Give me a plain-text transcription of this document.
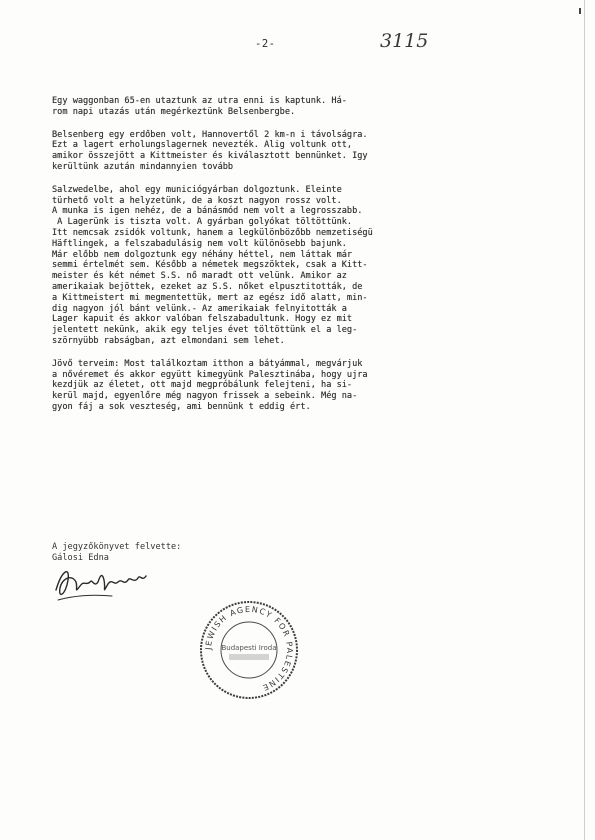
-2-	3115

Egy waggonban 65-en utaztunk az utra enni is kaptunk. Há-
rom napi utazás után megérkeztünk Belsenbergbe.

Belsenberg egy erdőben volt, Hannovertől 2 km-n i távolságra.
Ezt a lagert erholungslagernek nevezték. Alig voltunk ott,
amikor összejött a Kittmeister és kiválasztott bennünket. Igy
kerültünk azután mindannyien tovább

Salzwedelbe, ahol egy municiógyárban dolgoztunk. Eleinte
türhető volt a helyzetünk, de a koszt nagyon rossz volt.
A munka is igen nehéz, de a bánásmód nem volt a legrosszabb.
A Lagerünk is tiszta volt. A gyárban golyókat töltöttünk.
Itt nemcsak zsidók voltunk, hanem a legkülönbözőbb nemzetiségü
Häftlingek, a felszabadulásig nem volt különösebb bajunk.
Már előbb nem dolgoztunk egy néhány héttel, nem láttak már
semmi értelmét sem. Később a németek megszöktek, csak a Kitt-
meister és két német S.S. nő maradt ott velünk. Amikor az
amerikaiak bejöttek, ezeket az S.S. nőket elpusztitották, de
a Kittmeistert mi megmentettük, mert az egész idő alatt, min-
dig nagyon jól bánt velünk.- Az amerikaiak felnyitották a
Lager kapuit és akkor valóban felszabadultunk. Hogy ez mit
jelentett nekünk, akik egy teljes évet töltöttünk el a leg-
szörnyübb rabságban, azt elmondani sem lehet.

Jövő terveim: Most találkoztam itthon a bátyámmal, megvárjuk
a nővéremet és akkor együtt kimegyünk Palesztinába, hogy ujra
kezdjük az életet, ott majd megpróbálunk felejteni, ha si-
kerül majd, egyenlőre még nagyon frissek a sebeink. Még na-
gyon fáj a sok veszteség, ami bennünk t eddig ért.

A jegyzőkönyvet felvette:
Gálosi Edna
JEWISH AGENCY FOR PALESTINE
Budapesti Iroda
